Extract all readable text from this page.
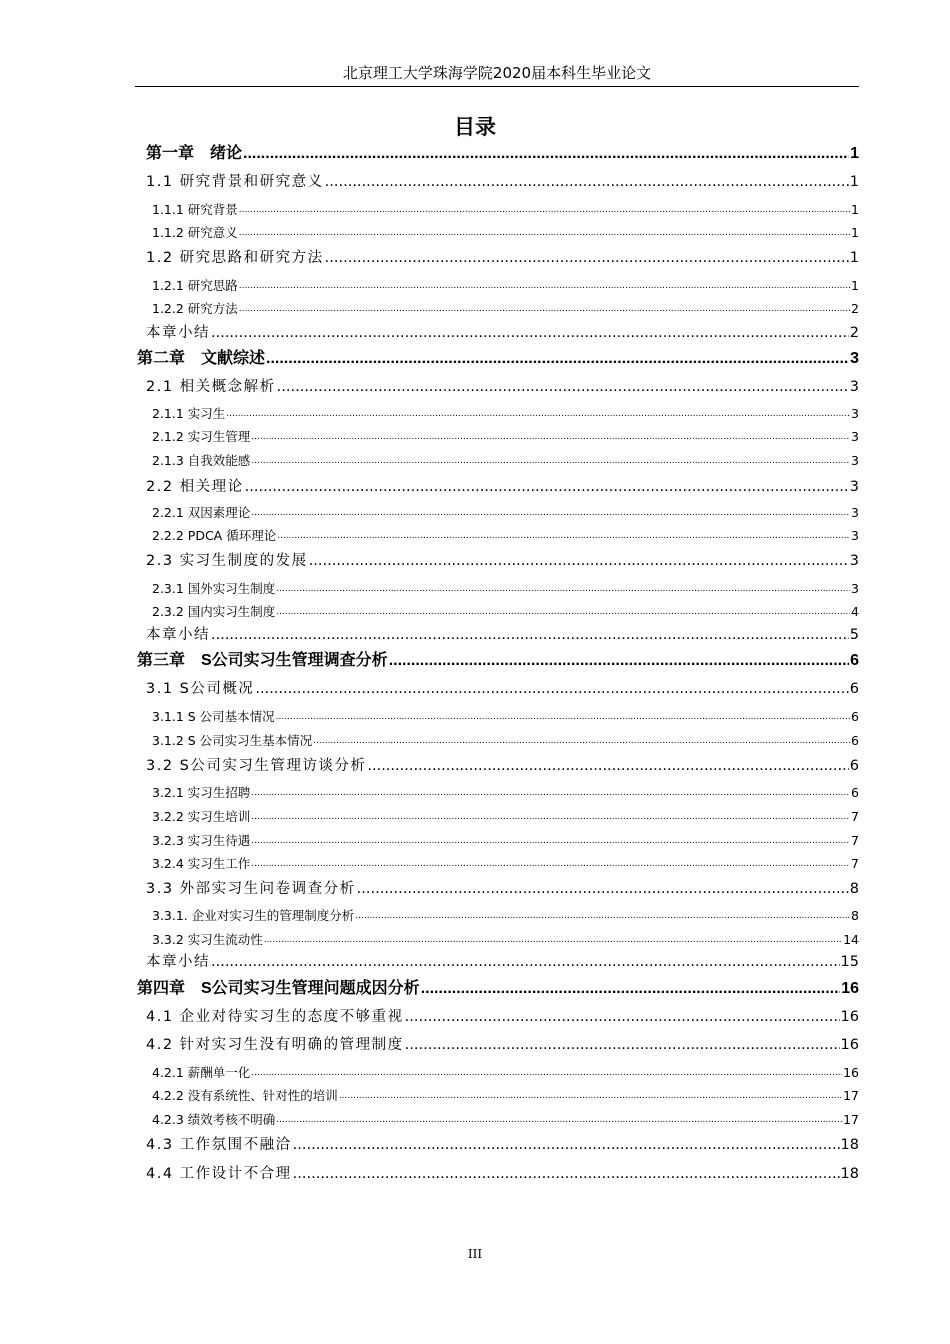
北京理工大学珠海学院2020届本科生毕业论文
目录
第一章　绪论 .....	1
1.1 研究背景和研究意义 .....	1
1.1.1 研究背景 .....	1
1.1.2 研究意义 .....	1
1.2 研究思路和研究方法 .....	1
1.2.1 研究思路 .....	1
1.2.2 研究方法 .....	2
本章小结 .....	2
第二章　文献综述 .....	3
2.1 相关概念解析 .....	3
2.1.1 实习生 .....	3
2.1.2 实习生管理 .....	3
2.1.3 自我效能感 .....	3
2.2 相关理论 .....	3
2.2.1 双因素理论 .....	3
2.2.2 PDCA 循环理论 .....	3
2.3 实习生制度的发展 .....	3
2.3.1 国外实习生制度 .....	3
2.3.2 国内实习生制度 .....	4
本章小结 .....	5
第三章　S公司实习生管理调查分析 .....	6
3.1 S公司概况 .....	6
3.1.1 S 公司基本情况 .....	6
3.1.2 S 公司实习生基本情况 .....	6
3.2 S公司实习生管理访谈分析 .....	6
3.2.1 实习生招聘 .....	6
3.2.2 实习生培训 .....	7
3.2.3 实习生待遇 .....	7
3.2.4 实习生工作 .....	7
3.3 外部实习生问卷调查分析 .....	8
3.3.1. 企业对实习生的管理制度分析 .....	8
3.3.2 实习生流动性 .....	14
本章小结 .....	15
第四章　S公司实习生管理问题成因分析 .....	16
4.1 企业对待实习生的态度不够重视 .....	16
4.2 针对实习生没有明确的管理制度 .....	16
4.2.1 薪酬单一化 .....	16
4.2.2 没有系统性、针对性的培训 .....	17
4.2.3 绩效考核不明确 .....	17
4.3 工作氛围不融洽 .....	18
4.4 工作设计不合理 .....	18
III
